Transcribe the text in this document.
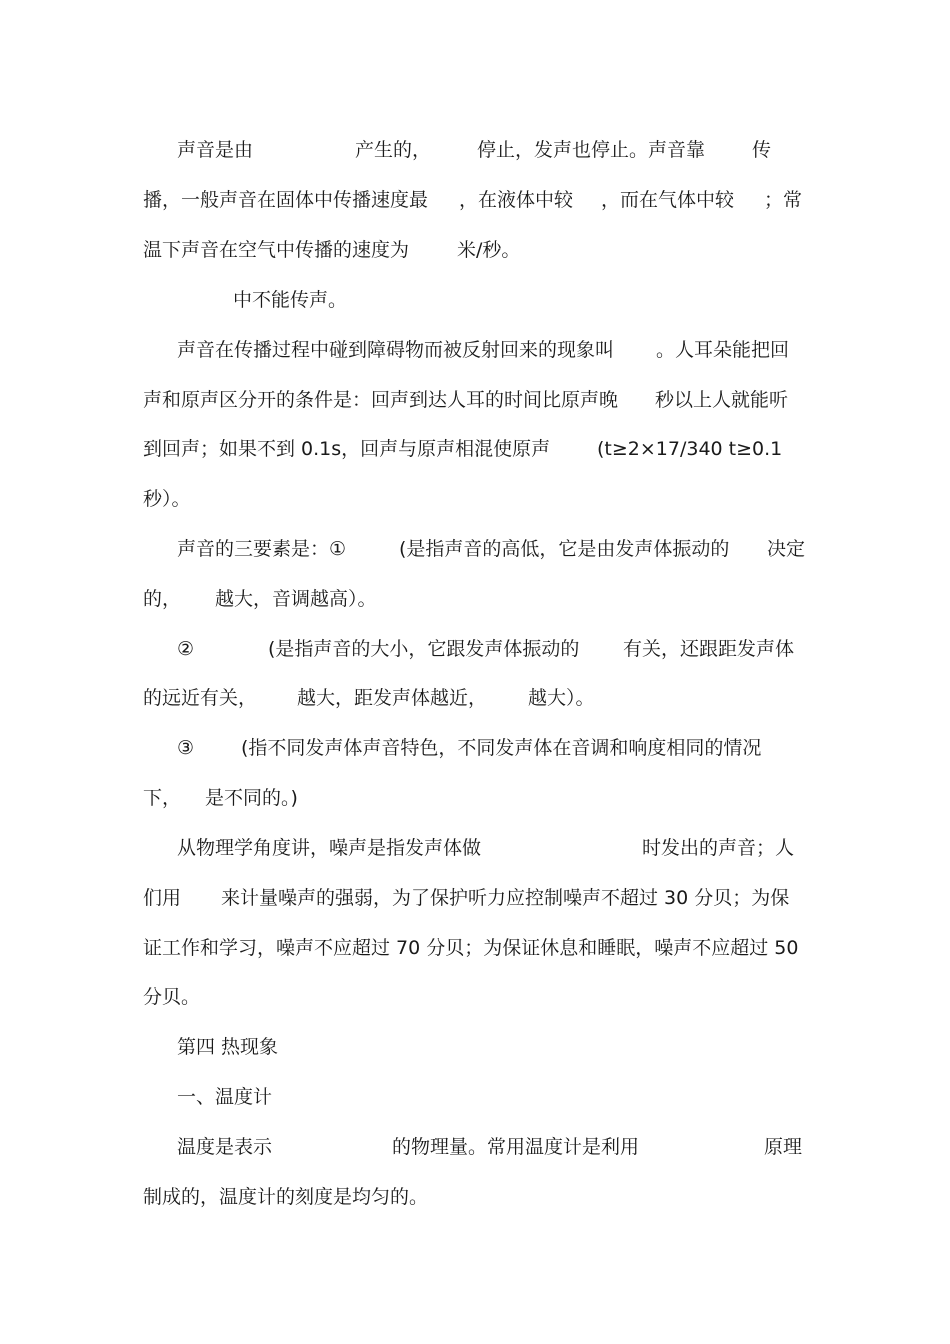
声音是由	产生的， 停止，发声也停止。声音靠 传
播，一般声音在固体中传播速度最 ，在液体中较 ，而在气体中较 ；常
温下声音在空气中传播的速度为	米/秒。
中不能传声。
声音在传播过程中碰到障碍物而被反射回来的现象叫 。人耳朵能把回
声和原声区分开的条件是：回声到达人耳的时间比原声晚 秒以上人就能听
到回声；如果不到 0.1s，回声与原声相混使原声 (t≥2×17/340 t≥0.1
秒）。
声音的三要素是：①	(是指声音的高低，它是由发声体振动的 决定
的， 越大，音调越高）。
②	(是指声音的大小，它跟发声体振动的 有关，还跟距发声体
的远近有关， 越大，距发声体越近， 越大）。
③ (指不同发声体声音特色，不同发声体在音调和响度相同的情况
下， 是不同的。)
从物理学角度讲，噪声是指发声体做	时发出的声音；人
们用 来计量噪声的强弱，为了保护听力应控制噪声不超过 30 分贝；为保
证工作和学习，噪声不应超过 70 分贝；为保证休息和睡眠，噪声不应超过 50
分贝。
第四 热现象
一、温度计
温度是表示	的物理量。常用温度计是利用	原理
制成的，温度计的刻度是均匀的。
